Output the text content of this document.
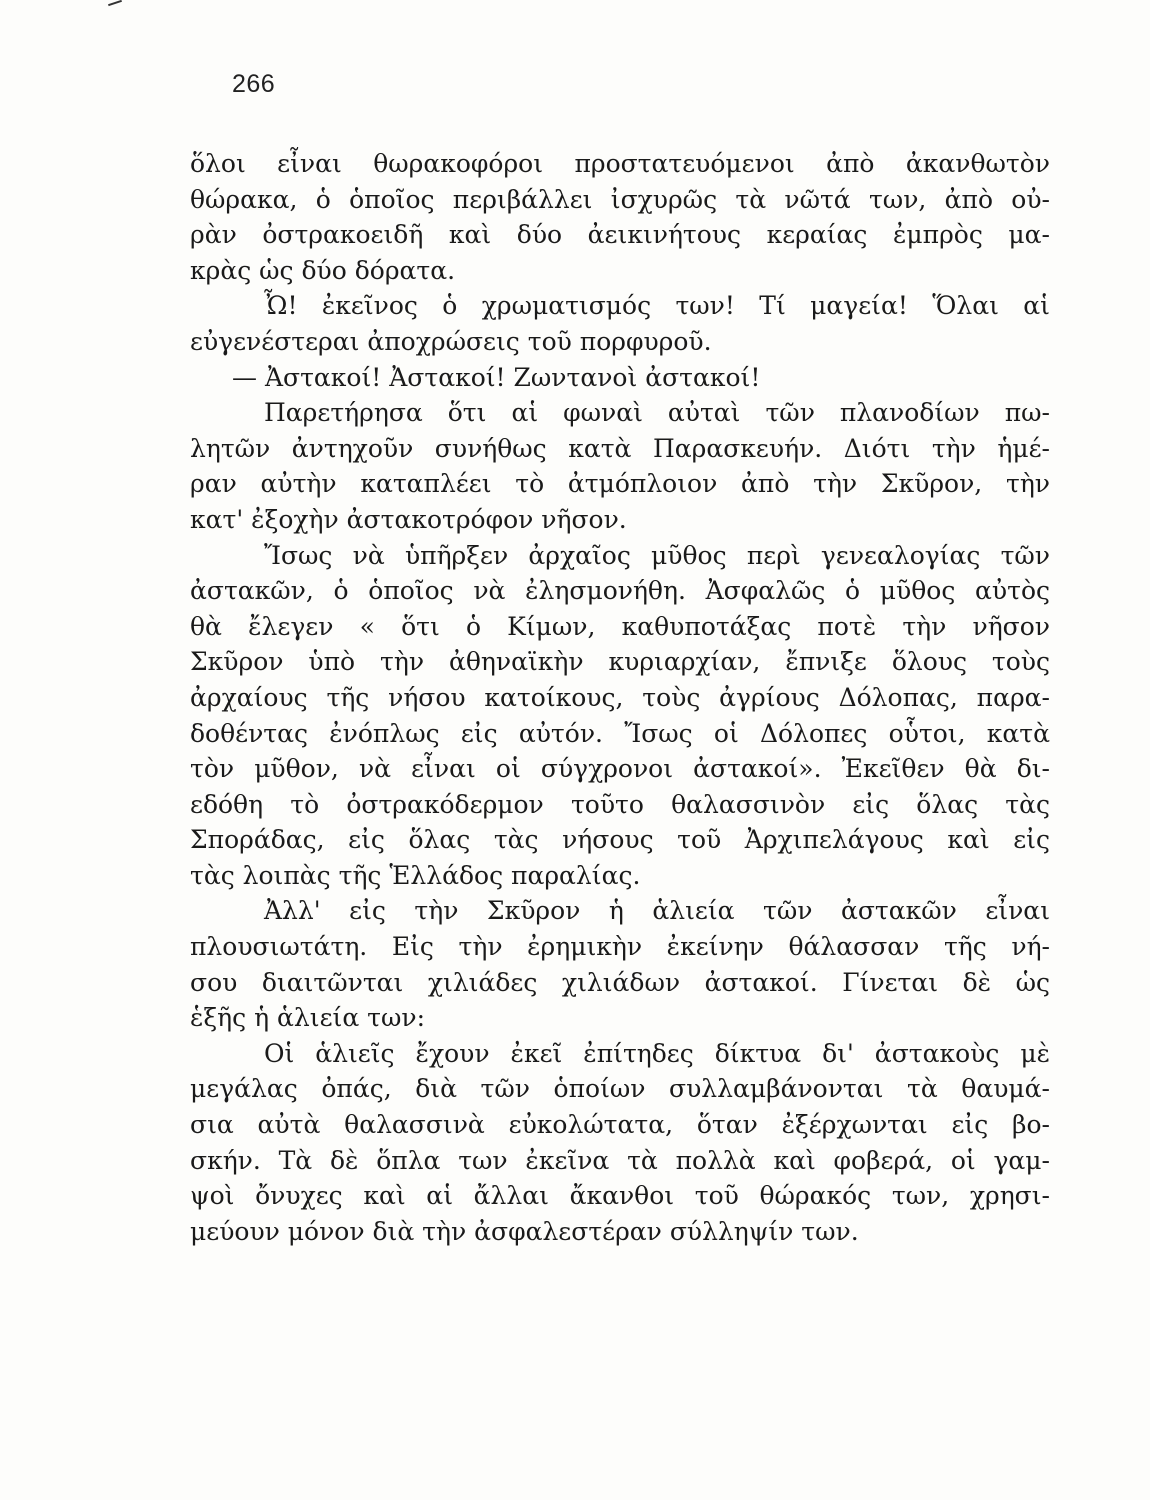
266
ὅλοι εἶναι θωρακοφόροι προστατευόμενοι ἀπὸ ἀκανθωτὸν
θώρακα, ὁ ὁποῖος περιβάλλει ἰσχυρῶς τὰ νῶτά των, ἀπὸ οὐ-
ρὰν ὀστρακοειδῆ καὶ δύο ἀεικινήτους κεραίας ἐμπρὸς μα-
κρὰς ὡς δύο δόρατα.
Ὦ! ἐκεῖνος ὁ χρωματισμός των! Τί μαγεία! Ὅλαι αἱ
εὐγενέστεραι ἀποχρώσεις τοῦ πορφυροῦ.
— Ἀστακοί! Ἀστακοί! Ζωντανοὶ ἀστακοί!
Παρετήρησα ὅτι αἱ φωναὶ αὐταὶ τῶν πλανοδίων πω-
λητῶν ἀντηχοῦν συνήθως κατὰ Παρασκευήν. Διότι τὴν ἡμέ-
ραν αὐτὴν καταπλέει τὸ ἀτμόπλοιον ἀπὸ τὴν Σκῦρον, τὴν
κατ' ἐξοχὴν ἀστακοτρόφον νῆσον.
Ἴσως νὰ ὑπῆρξεν ἀρχαῖος μῦθος περὶ γενεαλογίας τῶν
ἀστακῶν, ὁ ὁποῖος νὰ ἐλησμονήθη. Ἀσφαλῶς ὁ μῦθος αὐτὸς
θὰ ἔλεγεν « ὅτι ὁ Κίμων, καθυποτάξας ποτὲ τὴν νῆσον
Σκῦρον ὑπὸ τὴν ἀθηναϊκὴν κυριαρχίαν, ἔπνιξε ὅλους τοὺς
ἀρχαίους τῆς νήσου κατοίκους, τοὺς ἀγρίους Δόλοπας, παρα-
δοθέντας ἐνόπλως εἰς αὐτόν. Ἴσως οἱ Δόλοπες οὗτοι, κατὰ
τὸν μῦθον, νὰ εἶναι οἱ σύγχρονοι ἀστακοί». Ἐκεῖθεν θὰ δι-
εδόθη τὸ ὀστρακόδερμον τοῦτο θαλασσινὸν εἰς ὅλας τὰς
Σποράδας, εἰς ὅλας τὰς νήσους τοῦ Ἀρχιπελάγους καὶ εἰς
τὰς λοιπὰς τῆς Ἑλλάδος παραλίας.
Ἀλλ' εἰς τὴν Σκῦρον ἡ ἁλιεία τῶν ἀστακῶν εἶναι
πλουσιωτάτη. Εἰς τὴν ἐρημικὴν ἐκείνην θάλασσαν τῆς νή-
σου διαιτῶνται χιλιάδες χιλιάδων ἀστακοί. Γίνεται δὲ ὡς
ἑξῆς ἡ ἁλιεία των:
Οἱ ἁλιεῖς ἔχουν ἐκεῖ ἐπίτηδες δίκτυα δι' ἀστακοὺς μὲ
μεγάλας ὀπάς, διὰ τῶν ὁποίων συλλαμβάνονται τὰ θαυμά-
σια αὐτὰ θαλασσινὰ εὐκολώτατα, ὅταν ἐξέρχωνται εἰς βο-
σκήν. Τὰ δὲ ὅπλα των ἐκεῖνα τὰ πολλὰ καὶ φοβερά, οἱ γαμ-
ψοὶ ὄνυχες καὶ αἱ ἄλλαι ἄκανθοι τοῦ θώρακός των, χρησι-
μεύουν μόνον διὰ τὴν ἀσφαλεστέραν σύλληψίν των.
